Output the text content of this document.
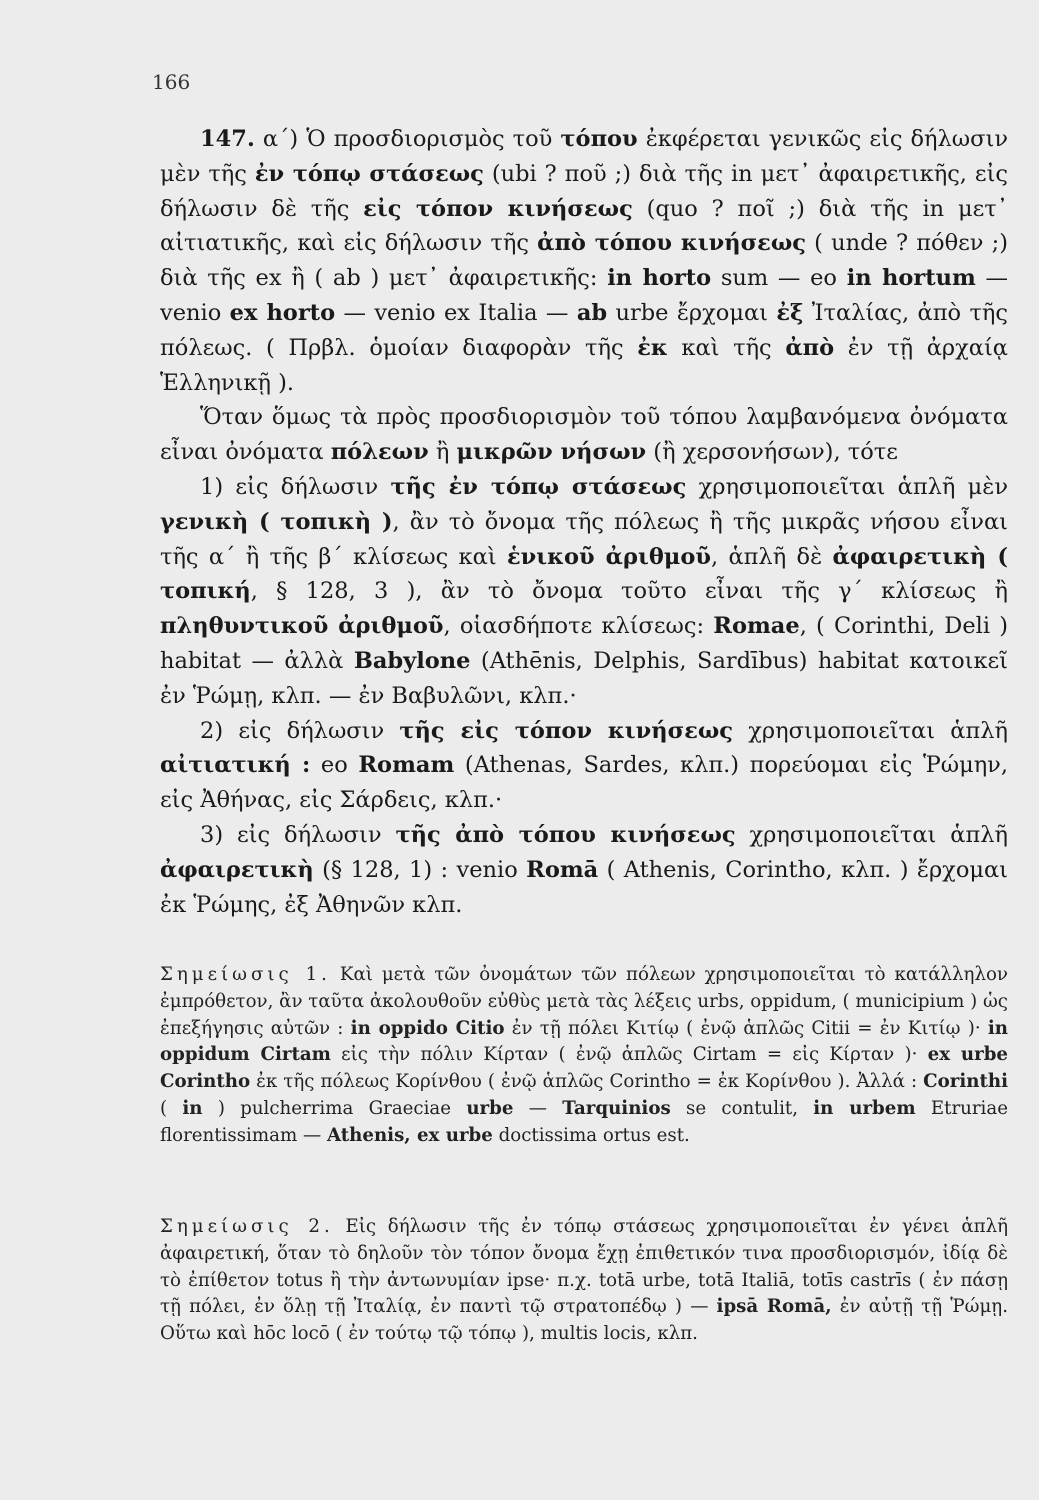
166

147. α΄) Ὁ προσδιορισμὸς τοῦ τόπου ἐκφέρεται γενικῶς εἰς δήλωσιν μὲν τῆς ἐν τόπῳ στάσεως (ubi ? ποῦ ;) διὰ τῆς in μετ᾽ ἀφαιρετικῆς, εἰς δήλωσιν δὲ τῆς εἰς τόπον κινήσεως (quo ? ποῖ ;) διὰ τῆς in μετ᾽ αἰτιατικῆς, καὶ εἰς δήλωσιν τῆς ἀπὸ τόπου κινήσεως ( unde ? πόθεν ;) διὰ τῆς ex ἢ ( ab ) μετ᾽ ἀφαιρετικῆς: in horto sum — eo in hortum — venio ex horto — venio ex Italia — ab urbe ἔρχομαι ἐξ Ἰταλίας, ἀπὸ τῆς πόλεως. ( Πρβλ. ὁμοίαν διαφορὰν τῆς ἐκ καὶ τῆς ἀπὸ ἐν τῇ ἀρχαίᾳ Ἑλληνικῇ ).

Ὅταν ὅμως τὰ πρὸς προσδιορισμὸν τοῦ τόπου λαμβανόμενα ὀνόματα εἶναι ὀνόματα πόλεων ἢ μικρῶν νήσων (ἢ χερσονήσων), τότε

1) εἰς δήλωσιν τῆς ἐν τόπῳ στάσεως χρησιμοποιεῖται ἁπλῆ μὲν γενικὴ ( τοπικὴ ), ἂν τὸ ὄνομα τῆς πόλεως ἢ τῆς μικρᾶς νήσου εἶναι τῆς α΄ ἢ τῆς β΄ κλίσεως καὶ ἑνικοῦ ἀριθμοῦ, ἁπλῆ δὲ ἀφαιρετικὴ ( τοπική, § 128, 3 ), ἂν τὸ ὄνομα τοῦτο εἶναι τῆς γ΄ κλίσεως ἢ πληθυντικοῦ ἀριθμοῦ, οἱασδήποτε κλίσεως: Romae, ( Corinthi, Deli ) habitat — ἀλλὰ Babylone (Athēnis, Delphis, Sardībus) habitat κατοικεῖ ἐν Ῥώμῃ, κλπ. — ἐν Βαβυλῶνι, κλπ.·

2) εἰς δήλωσιν τῆς εἰς τόπον κινήσεως χρησιμοποιεῖται ἁπλῆ αἰτιατική : eo Romam (Athenas, Sardes, κλπ.) πορεύομαι εἰς Ῥώμην, εἰς Ἀθήνας, εἰς Σάρδεις, κλπ.·

3) εἰς δήλωσιν τῆς ἀπὸ τόπου κινήσεως χρησιμοποιεῖται ἁπλῆ ἀφαιρετικὴ (§ 128, 1) : venio Romā ( Athenis, Corintho, κλπ. ) ἔρχομαι ἐκ Ῥώμης, ἐξ Ἀθηνῶν κλπ.

Σημείωσις 1. Καὶ μετὰ τῶν ὀνομάτων τῶν πόλεων χρησιμοποιεῖται τὸ κατάλληλον ἐμπρόθετον, ἂν ταῦτα ἀκολουθοῦν εὐθὺς μετὰ τὰς λέξεις urbs, oppidum, ( municipium ) ὡς ἐπεξήγησις αὐτῶν : in oppido Citio ἐν τῇ πόλει Κιτίῳ ( ἐνῷ ἁπλῶς Citii = ἐν Κιτίῳ )· in oppidum Cirtam εἰς τὴν πόλιν Κίρταν ( ἐνῷ ἁπλῶς Cirtam = εἰς Κίρταν )· ex urbe Corintho ἐκ τῆς πόλεως Κορίνθου ( ἐνῷ ἁπλῶς Corintho = ἐκ Κορίνθου ). Ἀλλά : Corinthi ( in ) pulcherrima Graeciae urbe — Tarquinios se contulit, in urbem Etruriae florentissimam — Athenis, ex urbe doctissima ortus est.

Σημείωσις 2. Εἰς δήλωσιν τῆς ἐν τόπῳ στάσεως χρησιμοποιεῖται ἐν γένει ἁπλῆ ἀφαιρετική, ὅταν τὸ δηλοῦν τὸν τόπον ὄνομα ἔχῃ ἐπιθετικόν τινα προσδιορισμόν, ἰδίᾳ δὲ τὸ ἐπίθετον totus ἢ τὴν ἀντωνυμίαν ipse· π.χ. totā urbe, totā Italiā, totīs castrīs ( ἐν πάσῃ τῇ πόλει, ἐν ὅλῃ τῇ Ἰταλίᾳ, ἐν παντὶ τῷ στρατοπέδῳ ) — ipsā Romā, ἐν αὐτῇ τῇ Ῥώμῃ. Οὕτω καὶ hōc locō ( ἐν τούτῳ τῷ τόπῳ ), multis locis, κλπ.
